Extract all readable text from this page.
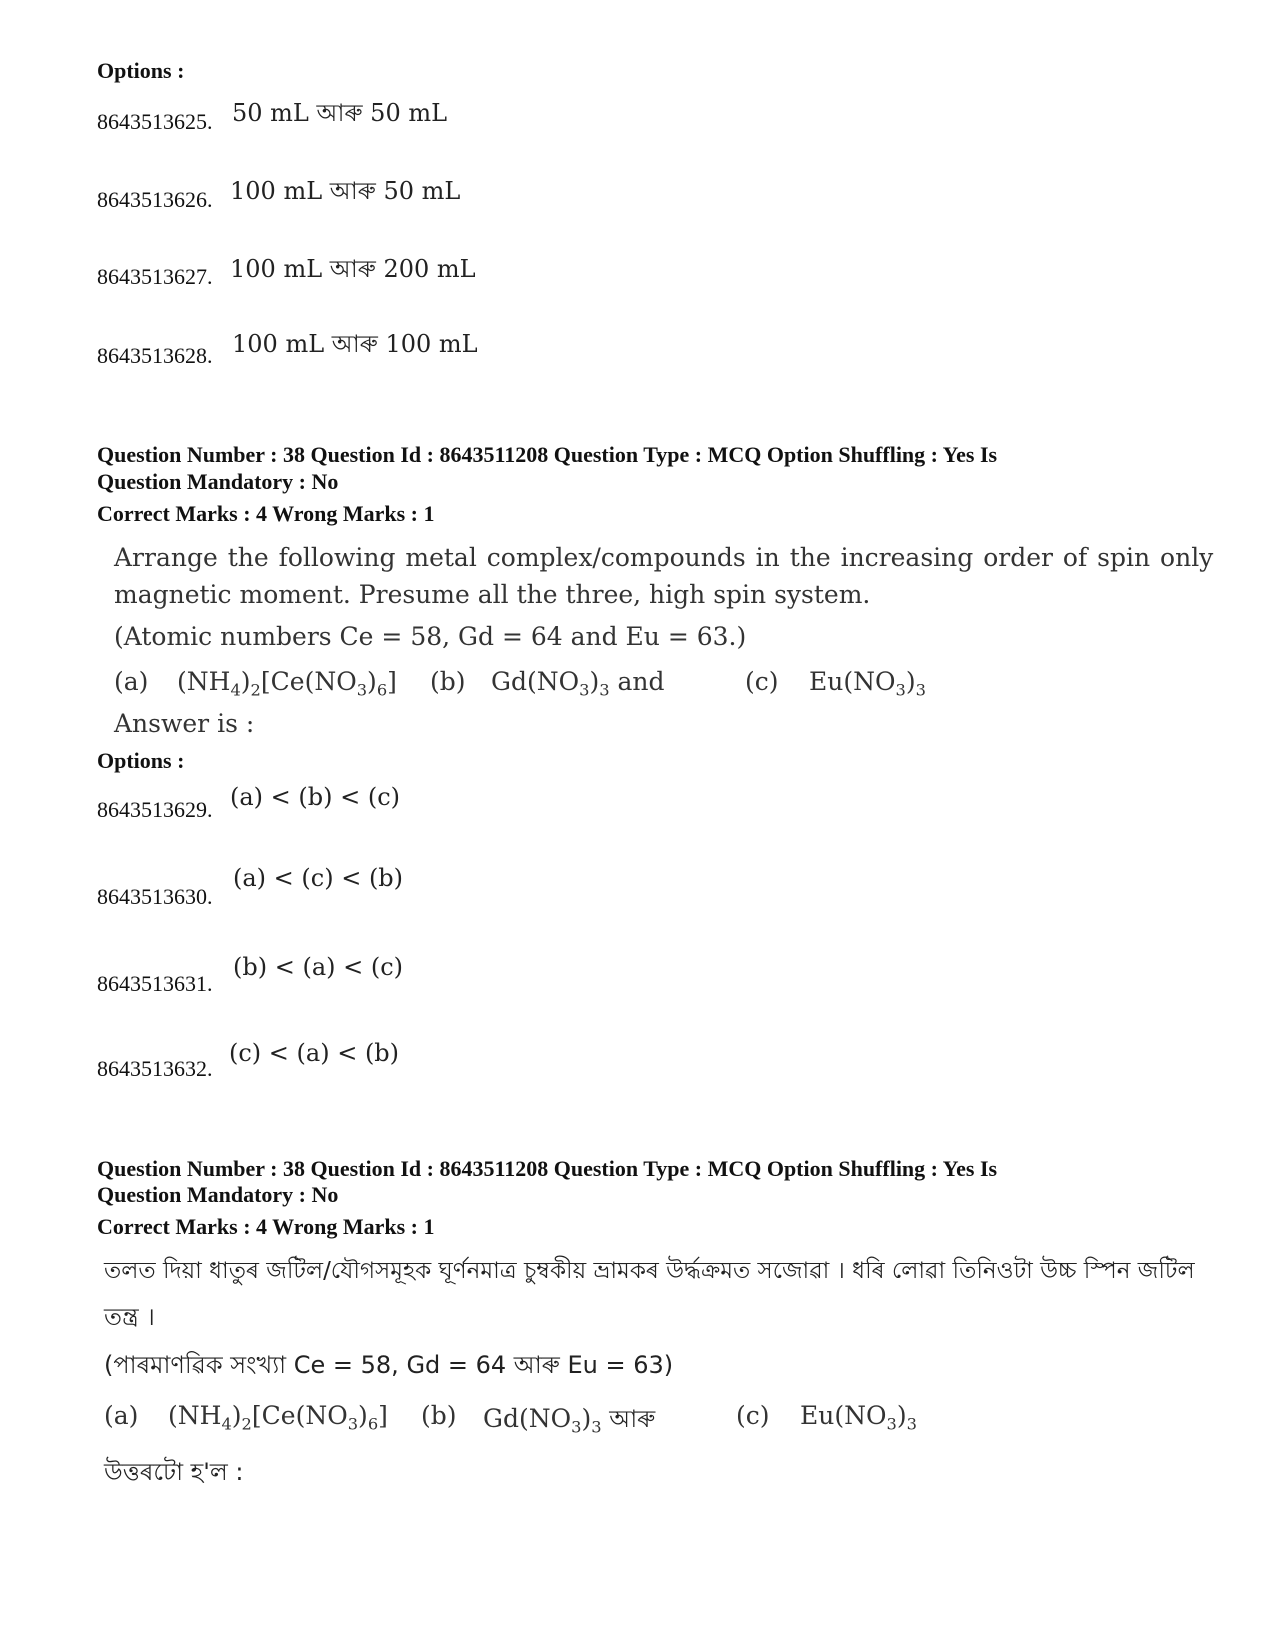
Options :
8643513625. 50 mL আৰু 50 mL
8643513626. 100 mL আৰু 50 mL
8643513627. 100 mL আৰু 200 mL
8643513628. 100 mL আৰু 100 mL
Question Number : 38 Question Id : 8643511208 Question Type : MCQ Option Shuffling : Yes Is
Question Mandatory : No
Correct Marks : 4 Wrong Marks : 1
Arrange the following metal complex/compounds in the increasing order of spin only
magnetic moment. Presume all the three, high spin system.
(Atomic numbers Ce = 58, Gd = 64 and Eu = 63.)
(a) $(NH_4)_2[Ce(NO_3)_6]$ (b) $Gd(NO_3)_3$ and	(c) $Eu(NO_3)_3$
Answer is :
Options :
8643513629. (a) < (b) < (c)
8643513630.
(a) < (c) < (b)
8643513631.
(b) < (a) < (c)
8643513632.
(c) < (a) < (b)
Question Number : 38 Question Id : 8643511208 Question Type : MCQ Option Shuffling : Yes Is
Question Mandatory : No
Correct Marks : 4 Wrong Marks : 1
তলত দিয়া ধাতুৰ জটিল/যৌগসমূহক ঘূৰ্ণনমাত্ৰ চুম্বকীয় ভ্ৰামকৰ উৰ্দ্ধক্ৰমত সজোৱা । ধৰি লোৱা তিনিওটা উচ্চ স্পিন জটিল
তন্ত্ৰ ।
(পাৰমাণৱিক সংখ্যা Ce = 58, Gd = 64 আৰু Eu = 63)
(a) $(NH_4)_2[Ce(NO_3)_6]$ (b) $Gd(NO_3)_3$ আৰু	(c) $Eu(NO_3)_3$
উত্তৰটো হ'ল :
